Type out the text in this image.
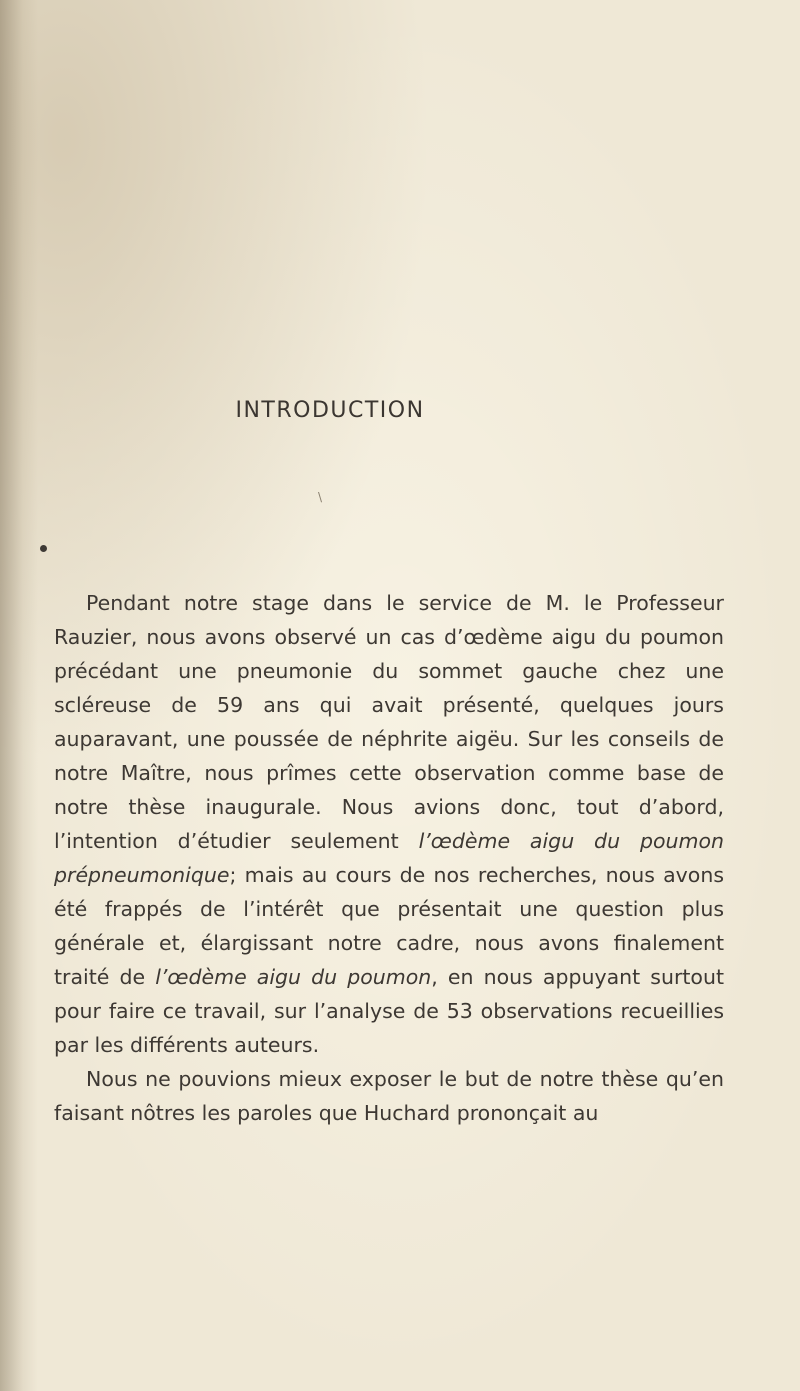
INTRODUCTION
\

Pendant notre stage dans le service de M. le Professeur Rauzier, nous avons observé un cas d’œdème aigu du poumon précédant une pneumonie du sommet gauche chez une scléreuse de 59 ans qui avait présenté, quelques jours auparavant, une poussée de néphrite aigëu. Sur les conseils de notre Maître, nous prîmes cette observation comme base de notre thèse inaugurale. Nous avions donc, tout d’abord, l’intention d’étudier seulement l’œdème aigu du poumon prépneumonique; mais au cours de nos recherches, nous avons été frappés de l’intérêt que présentait une question plus générale et, élargissant notre cadre, nous avons finalement traité de l’œdème aigu du poumon, en nous appuyant surtout pour faire ce travail, sur l’analyse de 53 observations recueillies par les différents auteurs.

Nous ne pouvions mieux exposer le but de notre thèse qu’en faisant nôtres les paroles que Huchard prononçait au
